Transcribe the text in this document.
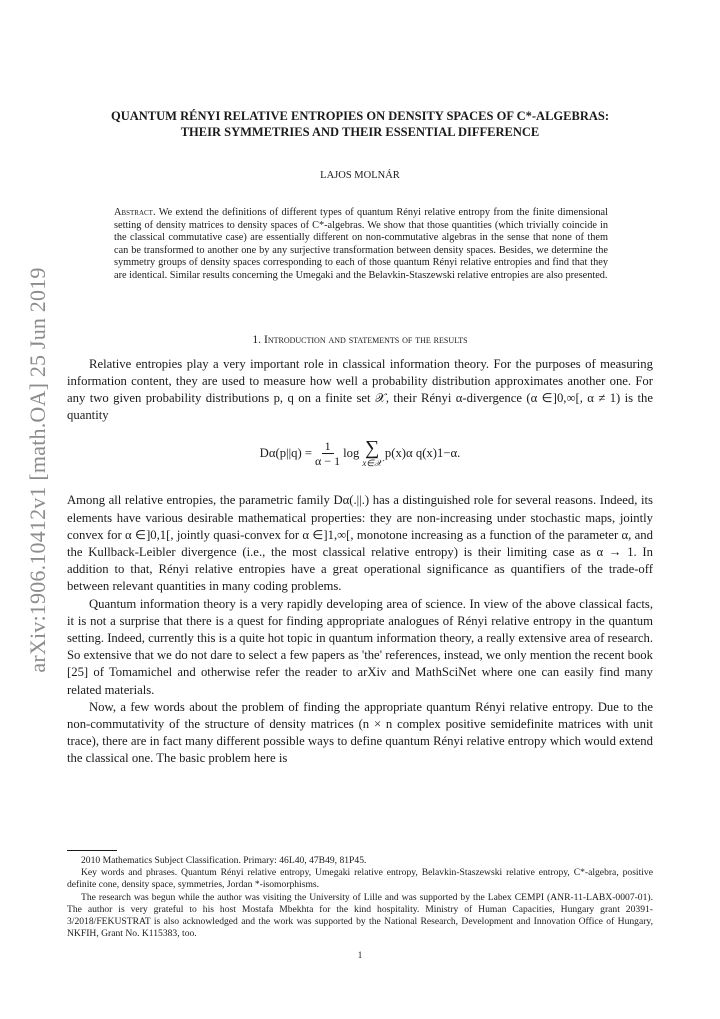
arXiv:1906.10412v1 [math.OA] 25 Jun 2019

QUANTUM RÉNYI RELATIVE ENTROPIES ON DENSITY SPACES OF C*-ALGEBRAS:

THEIR SYMMETRIES AND THEIR ESSENTIAL DIFFERENCE

LAJOS MOLNÁR
Abstract. We extend the definitions of different types of quantum Rényi relative entropy from the finite dimensional setting of density matrices to density spaces of C*-algebras. We show that those quantities (which trivially coincide in the classical commutative case) are essentially different on non-commutative algebras in the sense that none of them can be transformed to another one by any surjective transformation between density spaces. Besides, we determine the symmetry groups of density spaces corresponding to each of those quantum Rényi relative entropies and find that they are identical. Similar results concerning the Umegaki and the Belavkin-Staszewski relative entropies are also presented.
1. Introduction and statements of the results

Relative entropies play a very important role in classical information theory. For the purposes of measuring information content, they are used to measure how well a probability distribution approximates another one. For any two given probability distributions p, q on a finite set 𝒳, their Rényi α-divergence (α ∈]0,∞[, α ≠ 1) is the quantity

$D\alpha(p||q) = \frac{1}{\alpha - 1}$ log ∑
x∈𝒳
p(x)α q(x)1−α.

Among all relative entropies, the parametric family Dα(.||.) has a distinguished role for several reasons. Indeed, its elements have various desirable mathematical properties: they are non-increasing under stochastic maps, jointly convex for α ∈]0,1[, jointly quasi-convex for α ∈]1,∞[, monotone increasing as a function of the parameter α, and the Kullback-Leibler divergence (i.e., the most classical relative entropy) is their limiting case as α → 1. In addition to that, Rényi relative entropies have a great operational significance as quantifiers of the trade-off between relevant quantities in many coding problems.

Quantum information theory is a very rapidly developing area of science. In view of the above classical facts, it is not a surprise that there is a quest for finding appropriate analogues of Rényi relative entropy in the quantum setting. Indeed, currently this is a quite hot topic in quantum information theory, a really extensive area of research. So extensive that we do not dare to select a few papers as 'the' references, instead, we only mention the recent book [25] of Tomamichel and otherwise refer the reader to arXiv and MathSciNet where one can easily find many related materials.

Now, a few words about the problem of finding the appropriate quantum Rényi relative entropy. Due to the non-commutativity of the structure of density matrices (n × n complex positive semidefinite matrices with unit trace), there are in fact many different possible ways to define quantum Rényi relative entropy which would extend the classical one. The basic problem here is

2010 Mathematics Subject Classification. Primary: 46L40, 47B49, 81P45.

Key words and phrases. Quantum Rényi relative entropy, Umegaki relative entropy, Belavkin-Staszewski relative entropy, C*-algebra, positive definite cone, density space, symmetries, Jordan *-isomorphisms.

The research was begun while the author was visiting the University of Lille and was supported by the Labex CEMPI (ANR-11-LABX-0007-01). The author is very grateful to his host Mostafa Mbekhta for the kind hospitality. Ministry of Human Capacities, Hungary grant 20391-3/2018/FEKUSTRAT is also acknowledged and the work was supported by the National Research, Development and Innovation Office of Hungary, NKFIH, Grant No. K115383, too.

1
